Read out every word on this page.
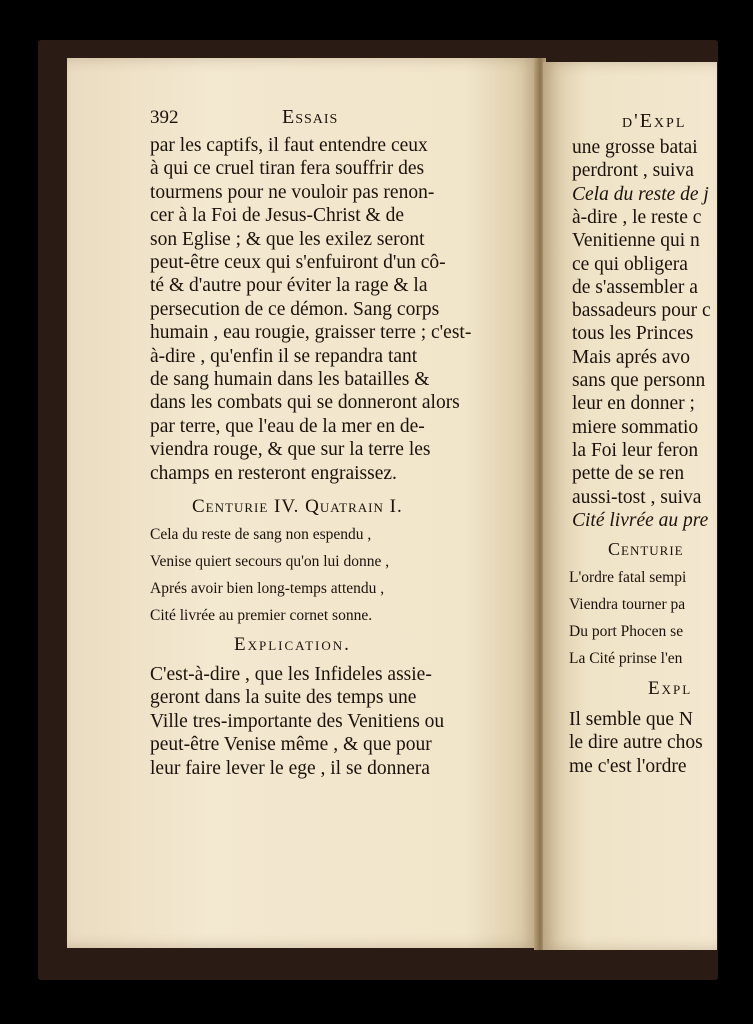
392	Essais
par les captifs, il faut entendre ceux
à qui ce cruel tiran fera souffrir des
tourmens pour ne vouloir pas renon-
cer à la Foi de Jesus-Christ & de
son Eglise ; & que les exilez seront
peut-être ceux qui s'enfuiront d'un cô-
té & d'autre pour éviter la rage & la
persecution de ce démon. Sang corps
humain , eau rougie, graisser terre ; c'est-
à-dire , qu'enfin il se repandra tant
de sang humain dans les batailles &
dans les combats qui se donneront alors
par terre, que l'eau de la mer en de-
viendra rouge, & que sur la terre les
champs en resteront engraissez.
Centurie IV. Quatrain I.
Cela du reste de sang non espendu ,
Venise quiert secours qu'on lui donne ,
Aprés avoir bien long-temps attendu ,
Cité livrée au premier cornet sonne.
Explication.
C'est-à-dire , que les Infideles assie-
geront dans la suite des temps une
Ville tres-importante des Venitiens ou
peut-être Venise même , & que pour
leur faire lever le ege , il se donnera
d'Expl
une grosse batai
perdront , suiva
Cela du reste de j
à-dire , le reste c
Venitienne qui n
ce qui obligera
de s'assembler a
bassadeurs pour c
tous les Princes
Mais aprés avo
sans que personn
leur en donner ;
miere sommatio
la Foi leur feron
pette de se ren
aussi-tost , suiva
Cité livrée au pre
Centurie
L'ordre fatal sempi
Viendra tourner pa
Du port Phocen se
La Cité prinse l'en
Expl
Il semble que N
le dire autre chos
me c'est l'ordre
